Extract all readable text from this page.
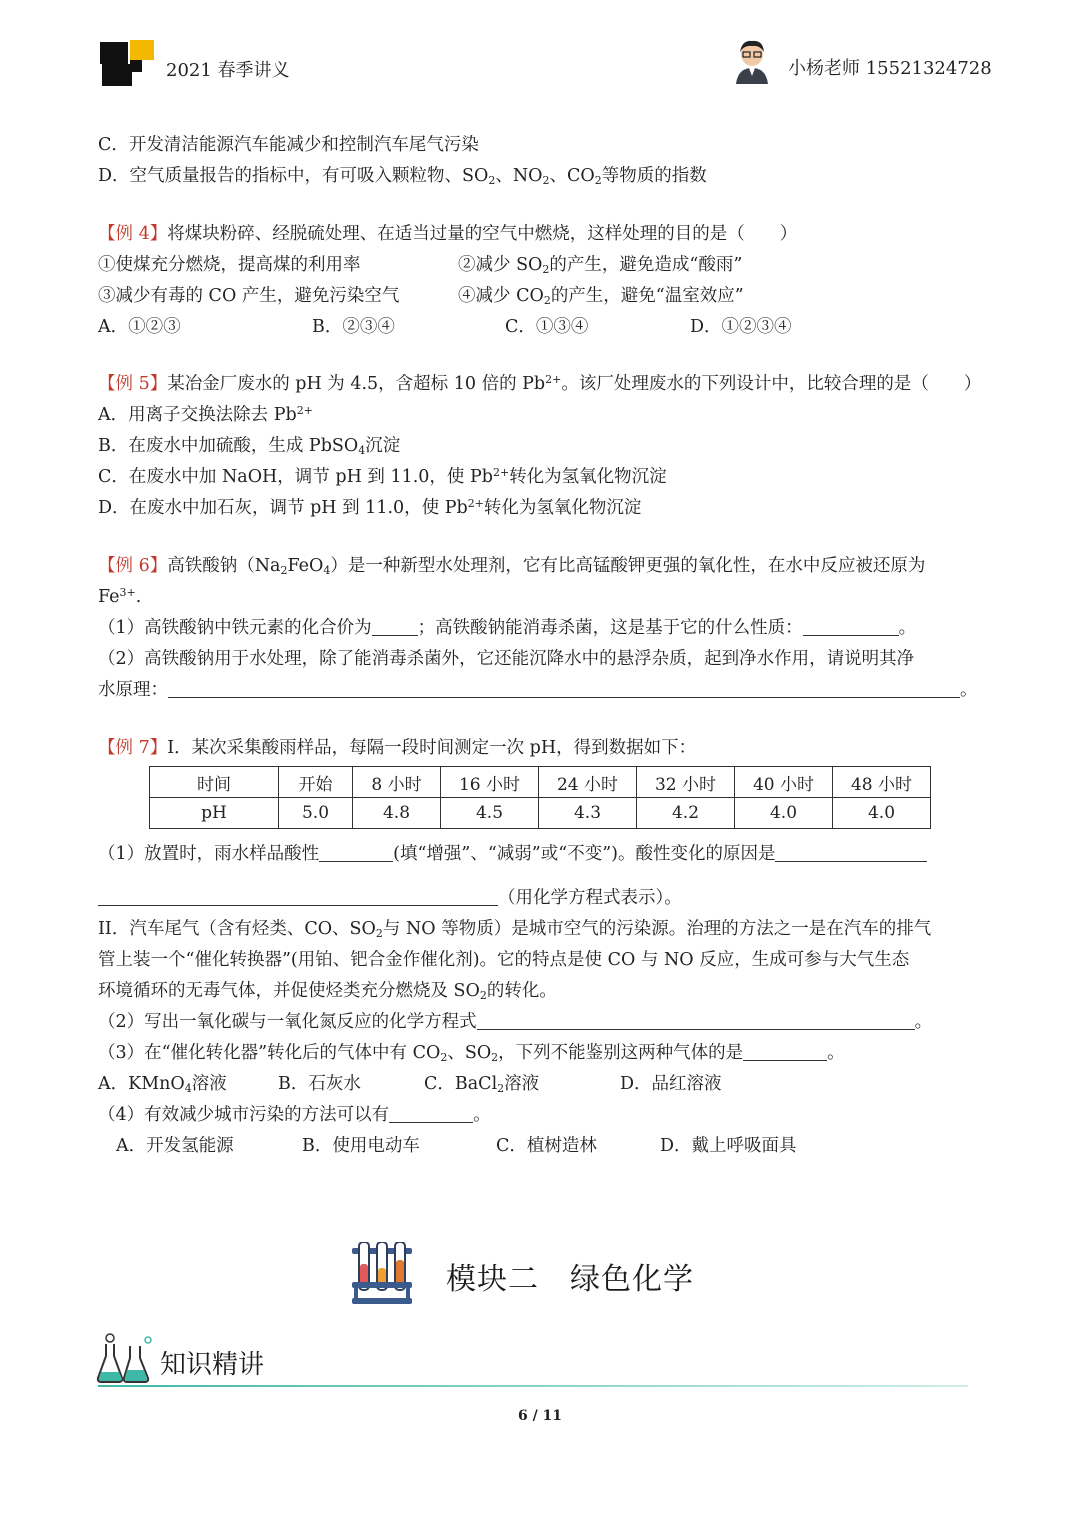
2021 春季讲义	小杨老师 15521324728
C．开发清洁能源汽车能减少和控制汽车尾气污染
D．空气质量报告的指标中，有可吸入颗粒物、$SO_2$、$NO_2$、$CO_2$等物质的指数
【例 4】将煤块粉碎、经脱硫处理、在适当过量的空气中燃烧，这样处理的目的是（　　）
①使煤充分燃烧，提高煤的利用率	②减少 $SO_2$的产生，避免造成“酸雨”
③减少有毒的 CO 产生，避免污染空气	④减少 $CO_2$的产生，避免“温室效应”
A．①②③	B．②③④	C．①③④	D．①②③④
【例 5】某冶金厂废水的 pH 为 4.5，含超标 10 倍的 $Pb^{2+}$。该厂处理废水的下列设计中，比较合理的是（　　）
A．用离子交换法除去 $Pb^{2+}$
B．在废水中加硫酸，生成 PbSO$_4$沉淀
C．在废水中加 NaOH，调节 pH 到 11.0，使 $Pb^{2+}$转化为氢氧化物沉淀
D．在废水中加石灰，调节 pH 到 11.0，使 $Pb^{2+}$转化为氢氧化物沉淀
【例 6】高铁酸钠$(Na_2FeO_4)$是一种新型水处理剂，它有比高锰酸钾更强的氧化性，在水中反应被还原为
$Fe^{3+}$.
（1）高铁酸钠中铁元素的化合价为	；高铁酸钠能消毒杀菌，这是基于它的什么性质：	。
（2）高铁酸钠用于水处理，除了能消毒杀菌外，它还能沉降水中的悬浮杂质，起到净水作用，请说明其净
水原理：	。
【例 7】I．某次采集酸雨样品，每隔一段时间测定一次 pH，得到数据如下：
时间	开始	8 小时	16 小时	24 小时	32 小时	40 小时	48 小时
pH	5.0	4.8	4.5	4.3	4.2	4.0	4.0
（1）放置时，雨水样品酸性	(填“增强”、“减弱”或“不变”)。酸性变化的原因是
（用化学方程式表示）。
II．汽车尾气（含有烃类、CO、$SO_2$与 NO 等物质）是城市空气的污染源。治理的方法之一是在汽车的排气
管上装一个“催化转换器”(用铂、钯合金作催化剂)。它的特点是使 CO 与 NO 反应，生成可参与大气生态
环境循环的无毒气体，并促使烃类充分燃烧及 $SO_2$的转化。
（2）写出一氧化碳与一氧化氮反应的化学方程式	。
（3）在“催化转化器”转化后的气体中有 $CO_2$、$SO_2$，下列不能鉴别这两种气体的是	。
A．KMnO$_4$溶液	B．石灰水	C．BaCl$_2$溶液	D．品红溶液
（4）有效减少城市污染的方法可以有	。
A．开发氢能源	B．使用电动车	C．植树造林	D．戴上呼吸面具
模块二　绿色化学
知识精讲
6 / 11
